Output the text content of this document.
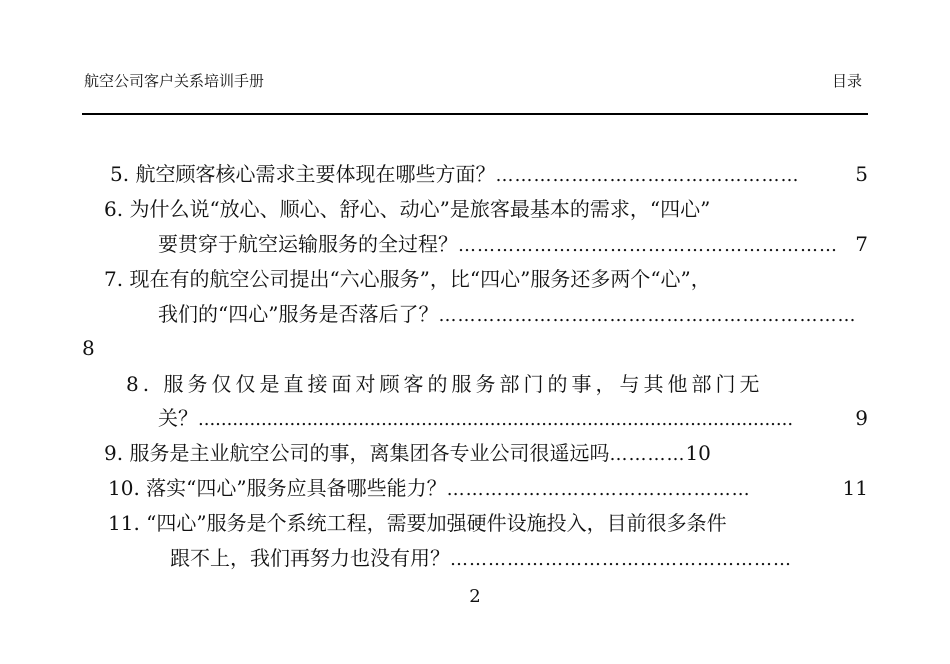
航空公司客户关系培训手册	目录
5. 航空顾客核心需求主要体现在哪些方面？ …………………………………………	5
6. 为什么说“放心、顺心、舒心、动心”是旅客最基本的需求，“四心”
要贯穿于航空运输服务的全过程？ …………………………………………………… 7
7. 现在有的航空公司提出“六心服务”，比“四心”服务还多两个“心”，
我们的“四心”服务是否落后了？ …………………………………………………………
8
8. 服务仅仅是直接面对顾客的服务部门的事，与其他部门无
关？ ........................................................................................................	9
9. 服务是主业航空公司的事，离集团各专业公司很遥远吗 ………… 10
10. 落实“四心”服务应具备哪些能力？ …………………………………………	11
11. “四心”服务是个系统工程，需要加强硬件设施投入，目前很多条件
跟不上，我们再努力也没有用？ ………………………………………………
2
